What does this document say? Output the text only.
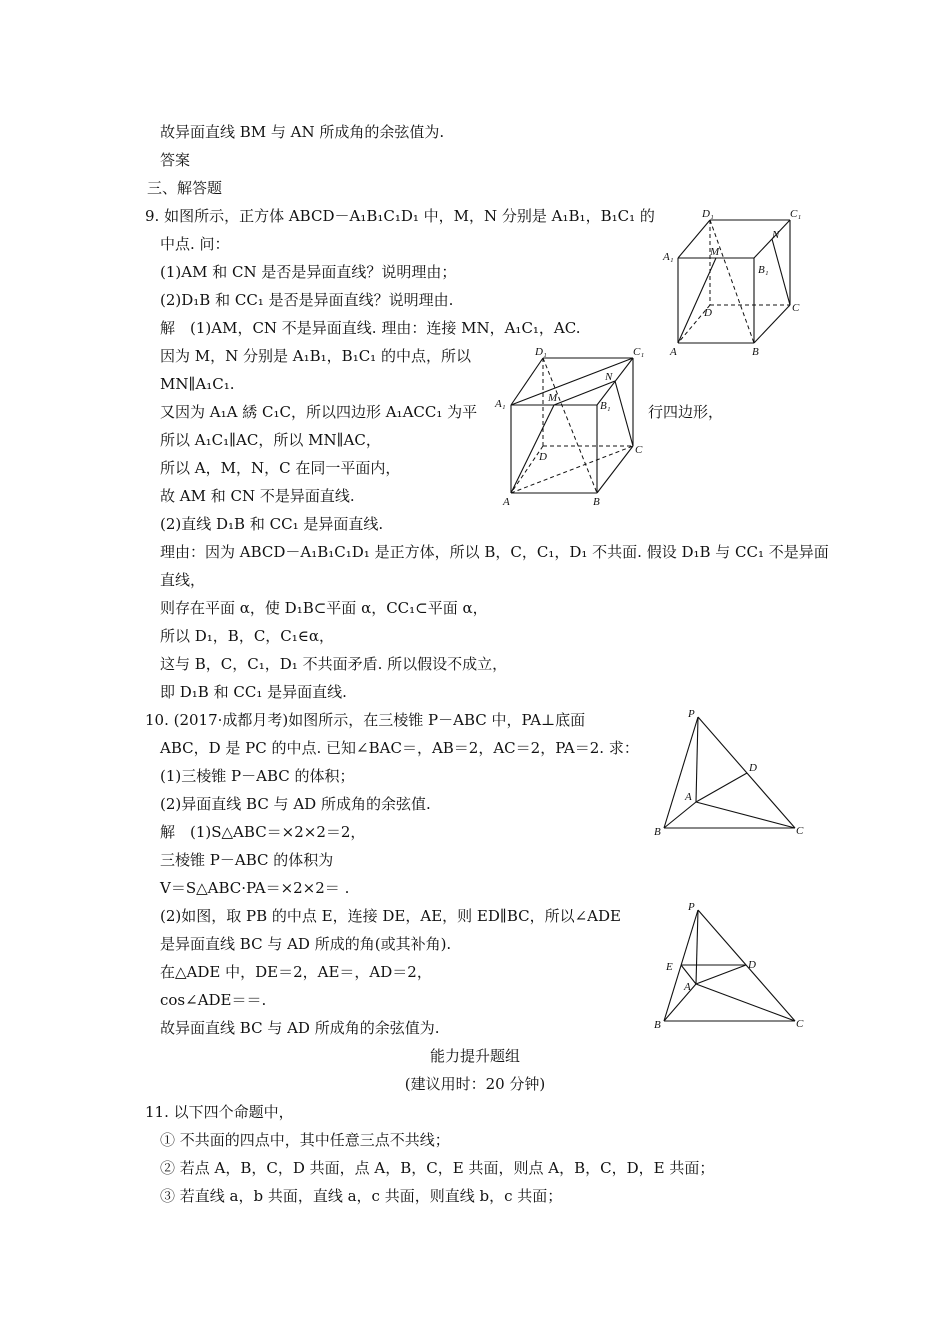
故异面直线 BM 与 AN 所成角的余弦值为.
答案
三、解答题
9. 如图所示，正方体 ABCD－A₁B₁C₁D₁ 中，M，N 分别是 A₁B₁，B₁C₁ 的
中点. 问：
(1)AM 和 CN 是否是异面直线？说明理由；
(2)D₁B 和 CC₁ 是否是异面直线？说明理由.
解　(1)AM，CN 不是异面直线. 理由：连接 MN，A₁C₁，AC.
因为 M，N 分别是 A₁B₁，B₁C₁ 的中点，所以
MN∥A₁C₁.
又因为 A₁A 綉 C₁C，所以四边形 A₁ACC₁ 为平	行四边形，
所以 A₁C₁∥AC，所以 MN∥AC，
所以 A，M，N，C 在同一平面内，
故 AM 和 CN 不是异面直线.
(2)直线 D₁B 和 CC₁ 是异面直线.
理由：因为 ABCD－A₁B₁C₁D₁ 是正方体，所以 B，C，C₁，D₁ 不共面. 假设 D₁B 与 CC₁ 不是异面
直线，
则存在平面 α，使 D₁B⊂平面 α，CC₁⊂平面 α，
所以 D₁，B，C，C₁∈α，
这与 B，C，C₁，D₁ 不共面矛盾. 所以假设不成立，
即 D₁B 和 CC₁ 是异面直线.
10. (2017·成都月考)如图所示，在三棱锥 P－ABC 中，PA⊥底面
ABC，D 是 PC 的中点. 已知∠BAC＝，AB＝2，AC＝2，PA＝2. 求：
(1)三棱锥 P－ABC 的体积；
(2)异面直线 BC 与 AD 所成角的余弦值.
解　(1)S△ABC＝×2×2＝2，
三棱锥 P－ABC 的体积为
V＝S△ABC·PA＝×2×2＝ .
(2)如图，取 PB 的中点 E，连接 DE，AE，则 ED∥BC，所以∠ADE
是异面直线 BC 与 AD 所成的角(或其补角).
在△ADE 中，DE＝2，AE＝，AD＝2，
cos∠ADE＝＝.
故异面直线 BC 与 AD 所成角的余弦值为.
能力提升题组
(建议用时：20 分钟)
11. 以下四个命题中，
① 不共面的四点中，其中任意三点不共线；
② 若点 A，B，C，D 共面，点 A，B，C，E 共面，则点 A，B，C，D，E 共面；
③ 若直线 a，b 共面，直线 a，c 共面，则直线 b，c 共面；
D₁	C₁
A₁
B₁
M
N
D	C
A	B
D₁	C₁
A₁	B₁
M
N
D
C
A	B
P
D
A
B	C
P
E	D
A
B	C
